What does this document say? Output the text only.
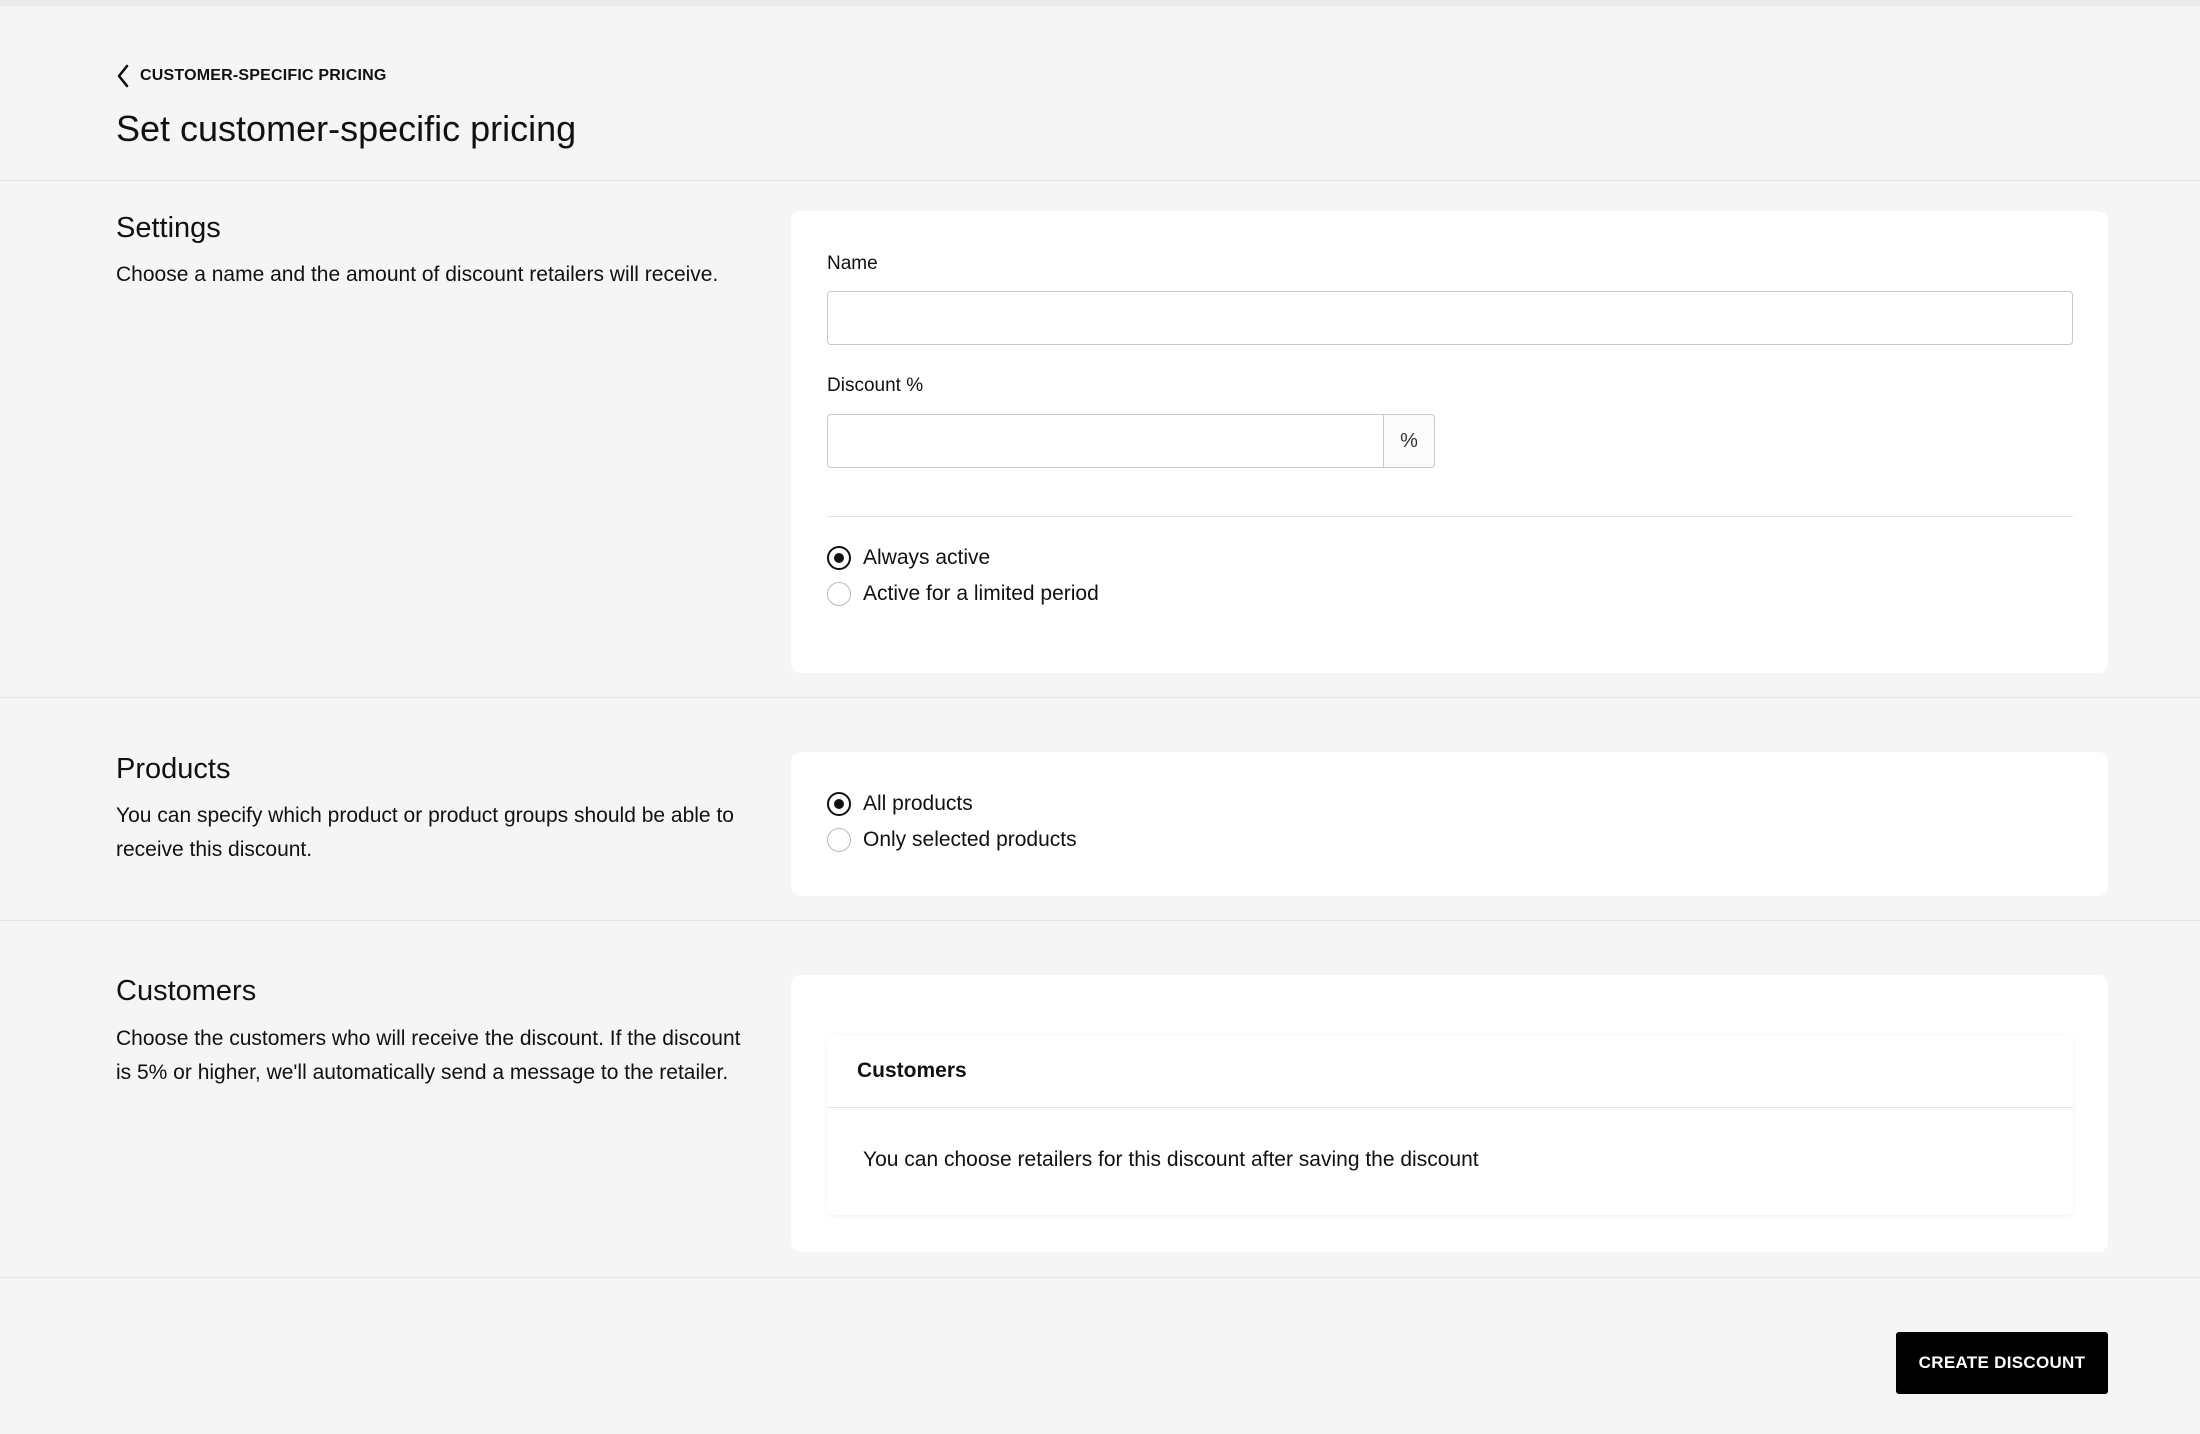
CUSTOMER-SPECIFIC PRICING
Set customer-specific pricing
Settings

Choose a name and the amount of discount retailers will receive.	Name
Discount %
%
Always active
Active for a limited period
Products

You can specify which product or product groups should be able to receive this discount.

All products
Only selected products
Customers

Choose the customers who will receive the discount. If the discount is 5% or higher, we'll automatically send a message to the retailer.	Customers
You can choose retailers for this discount after saving the discount
CREATE DISCOUNT
